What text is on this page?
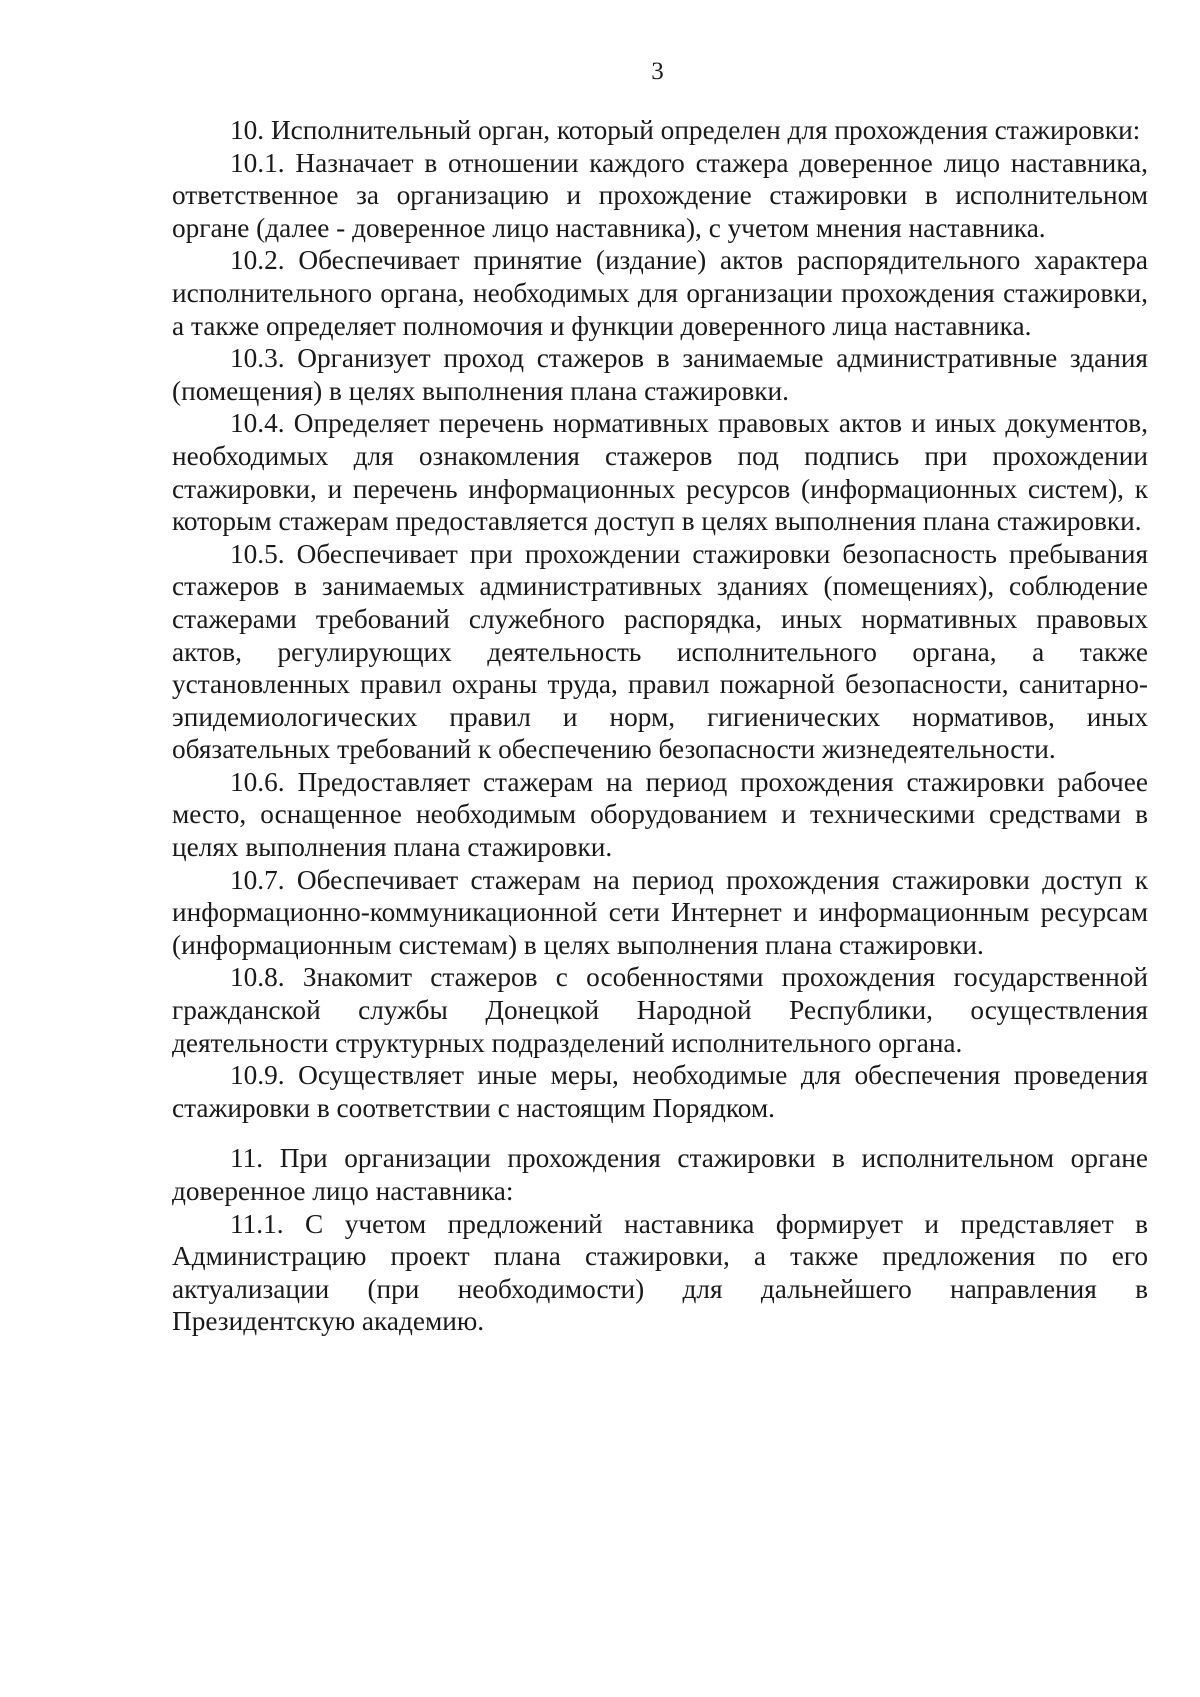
3

10. Исполнительный орган, который определен для прохождения стажировки:

10.1. Назначает в отношении каждого стажера доверенное лицо наставника, ответственное за организацию и прохождение стажировки в исполнительном органе (далее - доверенное лицо наставника), с учетом мнения наставника.

10.2. Обеспечивает принятие (издание) актов распорядительного характера исполнительного органа, необходимых для организации прохождения стажировки, а также определяет полномочия и функции доверенного лица наставника.

10.3. Организует проход стажеров в занимаемые административные здания (помещения) в целях выполнения плана стажировки.

10.4. Определяет перечень нормативных правовых актов и иных документов, необходимых для ознакомления стажеров под подпись при прохождении стажировки, и перечень информационных ресурсов (информационных систем), к которым стажерам предоставляется доступ в целях выполнения плана стажировки.

10.5. Обеспечивает при прохождении стажировки безопасность пребывания стажеров в занимаемых административных зданиях (помещениях), соблюдение стажерами требований служебного распорядка, иных нормативных правовых актов, регулирующих деятельность исполнительного органа, а также установленных правил охраны труда, правил пожарной безопасности, санитарно-эпидемиологических правил и норм, гигиенических нормативов, иных обязательных требований к обеспечению безопасности жизнедеятельности.

10.6. Предоставляет стажерам на период прохождения стажировки рабочее место, оснащенное необходимым оборудованием и техническими средствами в целях выполнения плана стажировки.

10.7. Обеспечивает стажерам на период прохождения стажировки доступ к информационно-коммуникационной сети Интернет и информационным ресурсам (информационным системам) в целях выполнения плана стажировки.

10.8. Знакомит стажеров с особенностями прохождения государственной гражданской службы Донецкой Народной Республики, осуществления деятельности структурных подразделений исполнительного органа.

10.9. Осуществляет иные меры, необходимые для обеспечения проведения стажировки в соответствии с настоящим Порядком.

11. При организации прохождения стажировки в исполнительном органе доверенное лицо наставника:

11.1. С учетом предложений наставника формирует и представляет в Администрацию проект плана стажировки, а также предложения по его актуализации (при необходимости) для дальнейшего направления в Президентскую академию.
